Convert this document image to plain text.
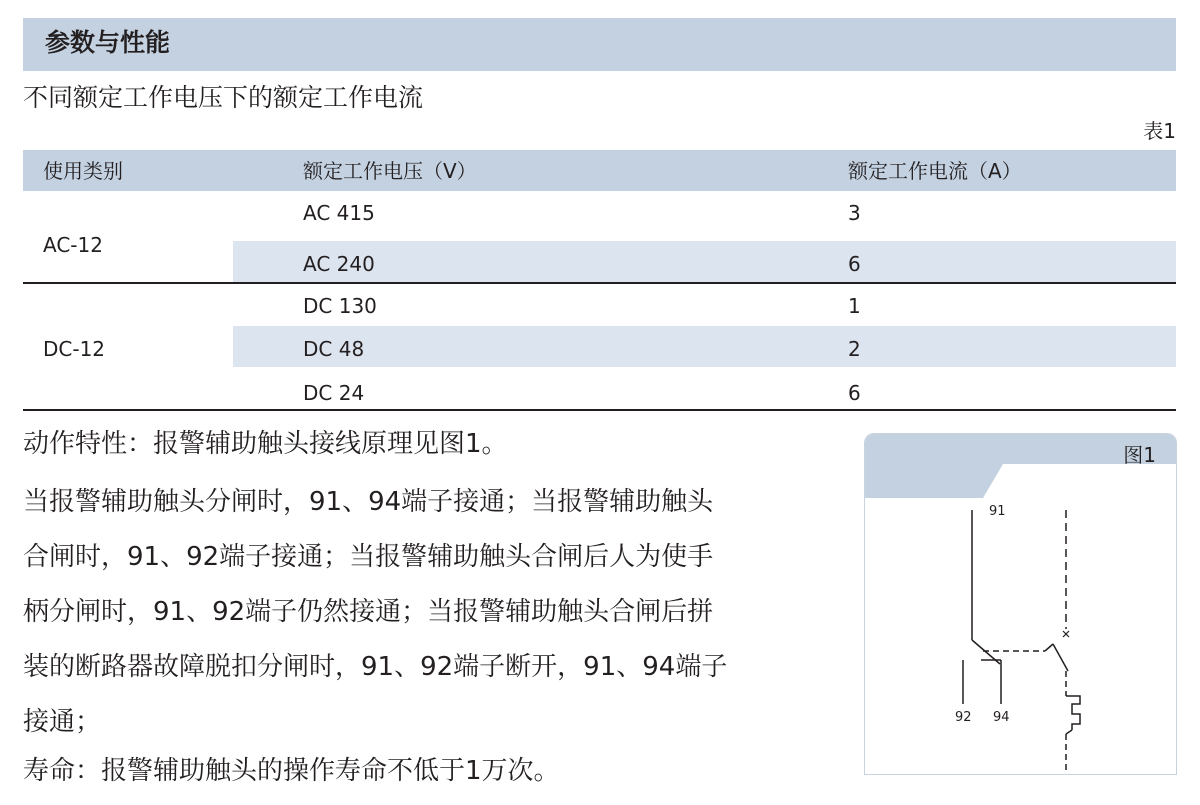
参数与性能
不同额定工作电压下的额定工作电流
表1
使用类别	额定工作电压（V）	额定工作电流（A）
AC-12
AC 415	3
AC 240	6
DC-12
DC 130	1
DC 48	2
DC 24	6
动作特性：报警辅助触头接线原理见图1。
当报警辅助触头分闸时，91、94端子接通；当报警辅助触头
合闸时，91、92端子接通；当报警辅助触头合闸后人为使手
柄分闸时，91、92端子仍然接通；当报警辅助触头合闸后拼
装的断路器故障脱扣分闸时，91、92端子断开，91、94端子
接通；
寿命：报警辅助触头的操作寿命不低于1万次。
图1
91
92 94
